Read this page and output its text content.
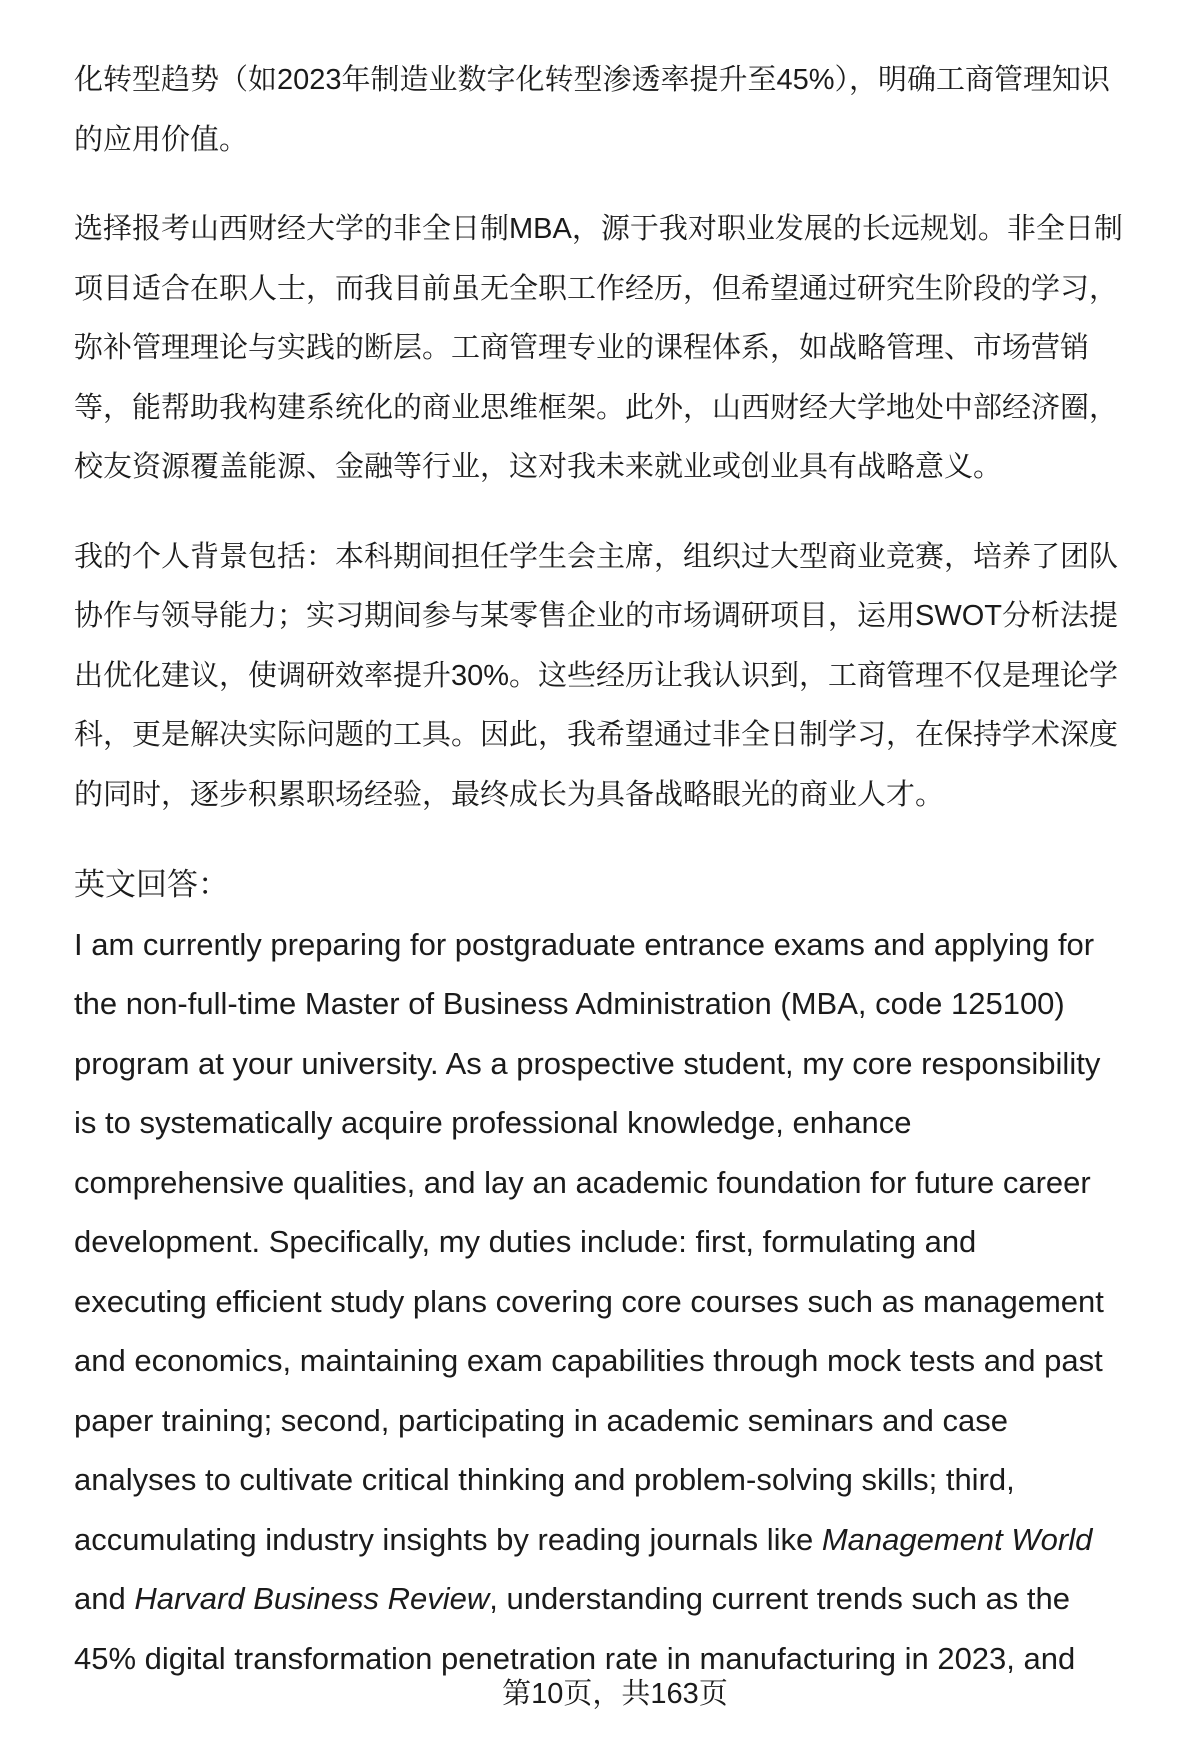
化转型趋势（如2023年制造业数字化转型渗透率提升至45%），明确工商管理知识
的应用价值。
选择报考山西财经大学的非全日制MBA，源于我对职业发展的长远规划。非全日制
项目适合在职人士，而我目前虽无全职工作经历，但希望通过研究生阶段的学习，
弥补管理理论与实践的断层。工商管理专业的课程体系，如战略管理、市场营销
等，能帮助我构建系统化的商业思维框架。此外，山西财经大学地处中部经济圈，
校友资源覆盖能源、金融等行业，这对我未来就业或创业具有战略意义。
我的个人背景包括：本科期间担任学生会主席，组织过大型商业竞赛，培养了团队
协作与领导能力；实习期间参与某零售企业的市场调研项目，运用SWOT分析法提
出优化建议，使调研效率提升30%。这些经历让我认识到，工商管理不仅是理论学
科，更是解决实际问题的工具。因此，我希望通过非全日制学习，在保持学术深度
的同时，逐步积累职场经验，最终成长为具备战略眼光的商业人才。
英文回答：
I am currently preparing for postgraduate entrance exams and applying for
the non-full-time Master of Business Administration (MBA, code 125100)
program at your university. As a prospective student, my core responsibility
is to systematically acquire professional knowledge, enhance
comprehensive qualities, and lay an academic foundation for future career
development. Specifically, my duties include: first, formulating and
executing efficient study plans covering core courses such as management
and economics, maintaining exam capabilities through mock tests and past
paper training; second, participating in academic seminars and case
analyses to cultivate critical thinking and problem-solving skills; third,
accumulating industry insights by reading journals like Management World
and Harvard Business Review, understanding current trends such as the
45% digital transformation penetration rate in manufacturing in 2023, and
第10页，共163页
